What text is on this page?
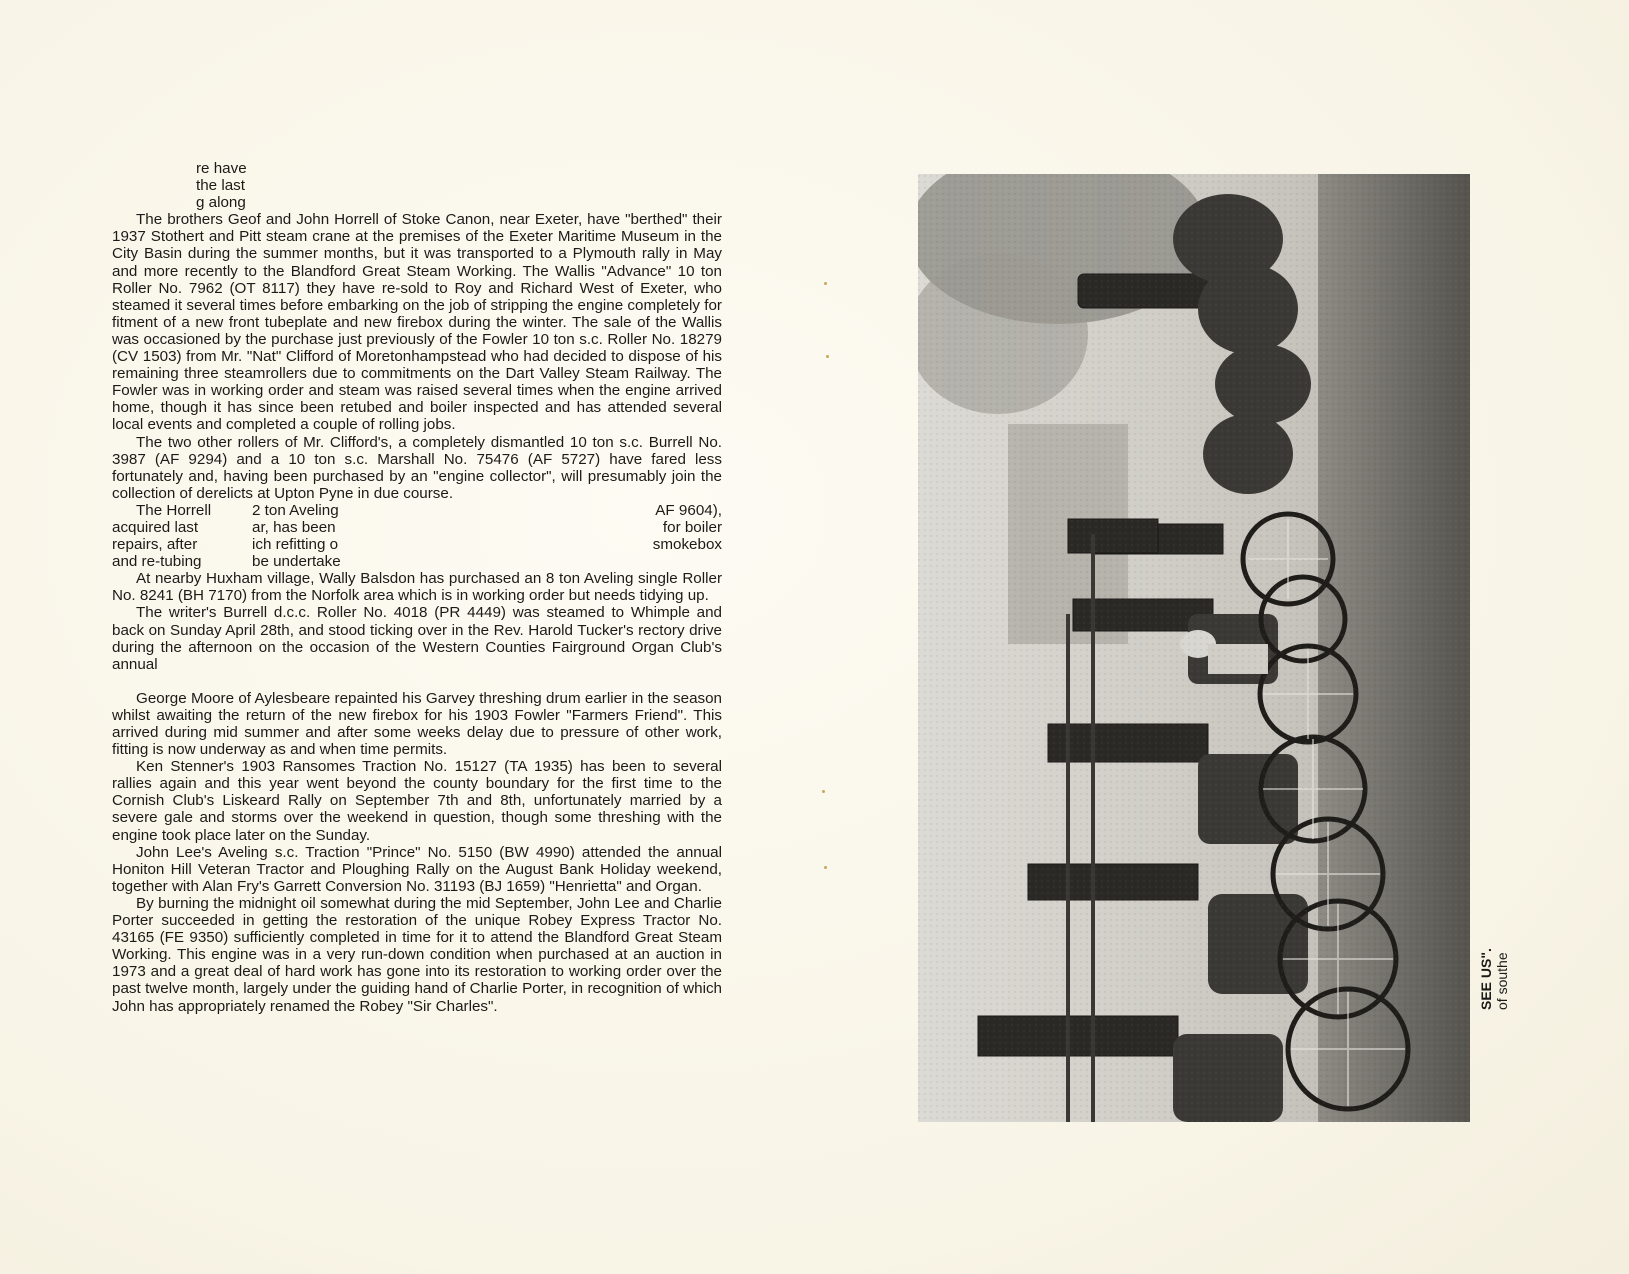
re have

the last

g along

The brothers Geof and John Horrell of Stoke Canon, near Exeter, have "berthed" their 1937 Stothert and Pitt steam crane at the premises of the Exeter Maritime Museum in the City Basin during the summer months, but it was transported to a Plymouth rally in May and more recently to the Blandford Great Steam Working. The Wallis "Advance" 10 ton Roller No. 7962 (OT 8117) they have re-sold to Roy and Richard West of Exeter, who steamed it several times before embarking on the job of stripping the engine completely for fitment of a new front tubeplate and new firebox during the winter. The sale of the Wallis was occasioned by the purchase just previously of the Fowler 10 ton s.c. Roller No. 18279 (CV 1503) from Mr. "Nat" Clifford of Moretonhampstead who had decided to dispose of his remaining three steamrollers due to commitments on the Dart Valley Steam Railway. The Fowler was in working order and steam was raised several times when the engine arrived home, though it has since been retubed and boiler inspected and has attended several local events and completed a couple of rolling jobs.

The two other rollers of Mr. Clifford's, a completely dismantled 10 ton s.c. Burrell No. 3987 (AF 9294) and a 10 ton s.c. Marshall No. 75476 (AF 5727) have fared less fortunately and, having been purchased by an "engine collector", will presumably join the collection of derelicts at Upton Pyne in due course.

The Horrell	2 ton Aveling	AF 9604),
acquired last	ar, has been	for boiler
repairs, after	ich refitting o	smokebox
and re-tubing	be undertake

At nearby Huxham village, Wally Balsdon has purchased an 8 ton Aveling single Roller No. 8241 (BH 7170) from the Norfolk area which is in working order but needs tidying up.

The writer's Burrell d.c.c. Roller No. 4018 (PR 4449) was steamed to Whimple and back on Sunday April 28th, and stood ticking over in the Rev. Harold Tucker's rectory drive during the afternoon on the occasion of the Western Counties Fairground Organ Club's annual

George Moore of Aylesbeare repainted his Garvey threshing drum earlier in the season whilst awaiting the return of the new firebox for his 1903 Fowler "Farmers Friend". This arrived during mid summer and after some weeks delay due to pressure of other work, fitting is now underway as and when time permits.

Ken Stenner's 1903 Ransomes Traction No. 15127 (TA 1935) has been to several rallies again and this year went beyond the county boundary for the first time to the Cornish Club's Liskeard Rally on September 7th and 8th, unfortunately married by a severe gale and storms over the weekend in question, though some threshing with the engine took place later on the Sunday.

John Lee's Aveling s.c. Traction "Prince" No. 5150 (BW 4990) attended the annual Honiton Hill Veteran Tractor and Ploughing Rally on the August Bank Holiday weekend, together with Alan Fry's Garrett Conversion No. 31193 (BJ 1659) "Henrietta" and Organ.

By burning the midnight oil somewhat during the mid September, John Lee and Charlie Porter succeeded in getting the restoration of the unique Robey Express Tractor No. 43165 (FE 9350) sufficiently completed in time for it to attend the Blandford Great Steam Working. This engine was in a very run-down condition when purchased at an auction in 1973 and a great deal of hard work has gone into its restoration to working order over the past twelve month, largely under the guiding hand of Charlie Porter, in recognition of which John has appropriately renamed the Robey "Sir Charles".	SEE US". of southe
